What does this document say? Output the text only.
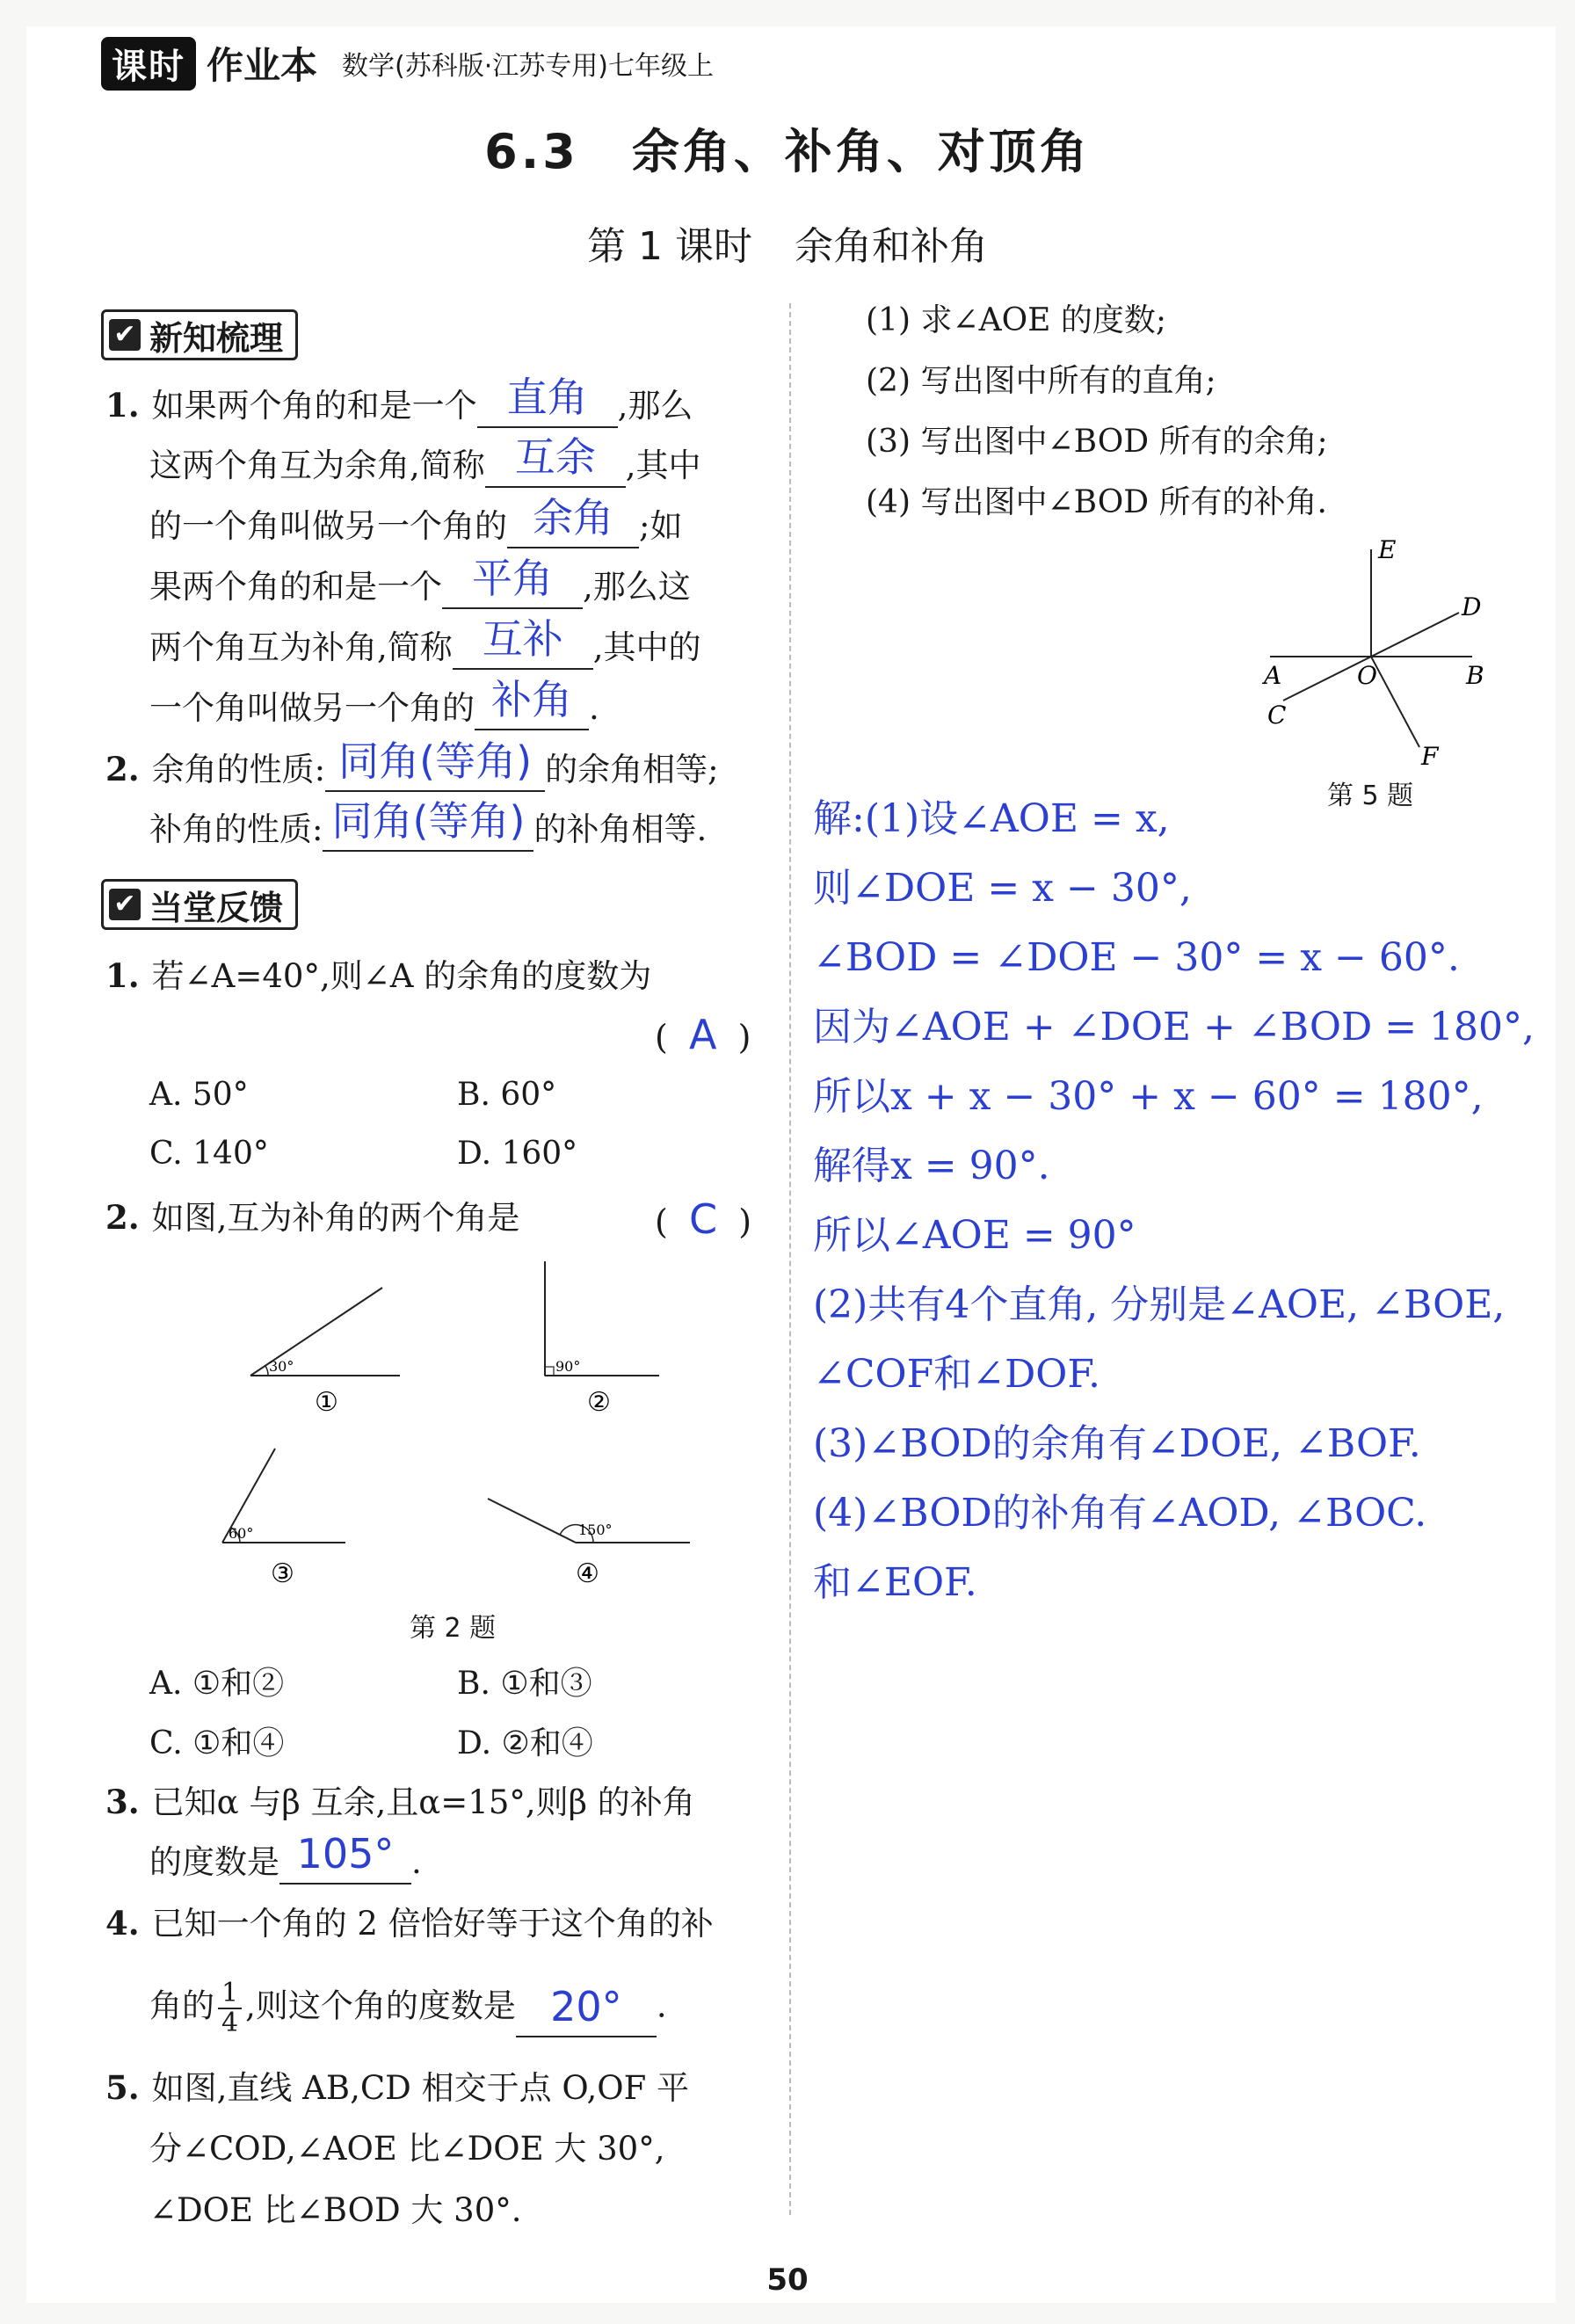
课时 作业本 数学(苏科版·江苏专用)七年级上
6.3 余角、补角、对顶角
第 1 课时 余角和补角
✔ 新知梳理
1. 如果两个角的和是一个 直角 ,那么
这两个角互为余角,简称 互余 ,其中
的一个角叫做另一个角的 余角 ;如
果两个角的和是一个 平角 ,那么这
两个角互为补角,简称 互补 ,其中的
一个角叫做另一个角的 补角 .
2. 余角的性质: 同角(等角) 的余角相等;
补角的性质: 同角(等角) 的补角相等.
✔ 当堂反馈
1. 若∠A=40°,则∠A 的余角的度数为
(  A  )
A. 50°	B. 60°
C. 140°	D. 160°
2. 如图,互为补角的两个角是	(  C  )
30°
①
90°
②
60°
③
150°
④
第 2 题
A. ①和②	B. ①和③
C. ①和④	D. ②和④
3. 已知α 与β 互余,且α=15°,则β 的补角
的度数是 105° .
4. 已知一个角的 2 倍恰好等于这个角的补
角的 $\frac{1}{4}$ ,则这个角的度数是 20°	.
5. 如图,直线 AB,CD 相交于点 O,OF 平
分∠COD,∠AOE 比∠DOE 大 30°,
∠DOE 比∠BOD 大 30°.
(1) 求∠AOE 的度数;
(2) 写出图中所有的直角;
(3) 写出图中∠BOD 所有的余角;
(4) 写出图中∠BOD 所有的补角.
E
D
A	O	B
C
F
第 5 题
解:(1)设∠AOE = x,
则∠DOE = x − 30°,
∠BOD = ∠DOE − 30° = x − 60°.
因为∠AOE + ∠DOE + ∠BOD = 180°,
所以x + x − 30° + x − 60° = 180°,
解得x = 90°.
所以∠AOE = 90°
(2)共有4个直角, 分别是∠AOE, ∠BOE,
∠COF和∠DOF.
(3)∠BOD的余角有∠DOE, ∠BOF.
(4)∠BOD的补角有∠AOD, ∠BOC.
和∠EOF.
50
